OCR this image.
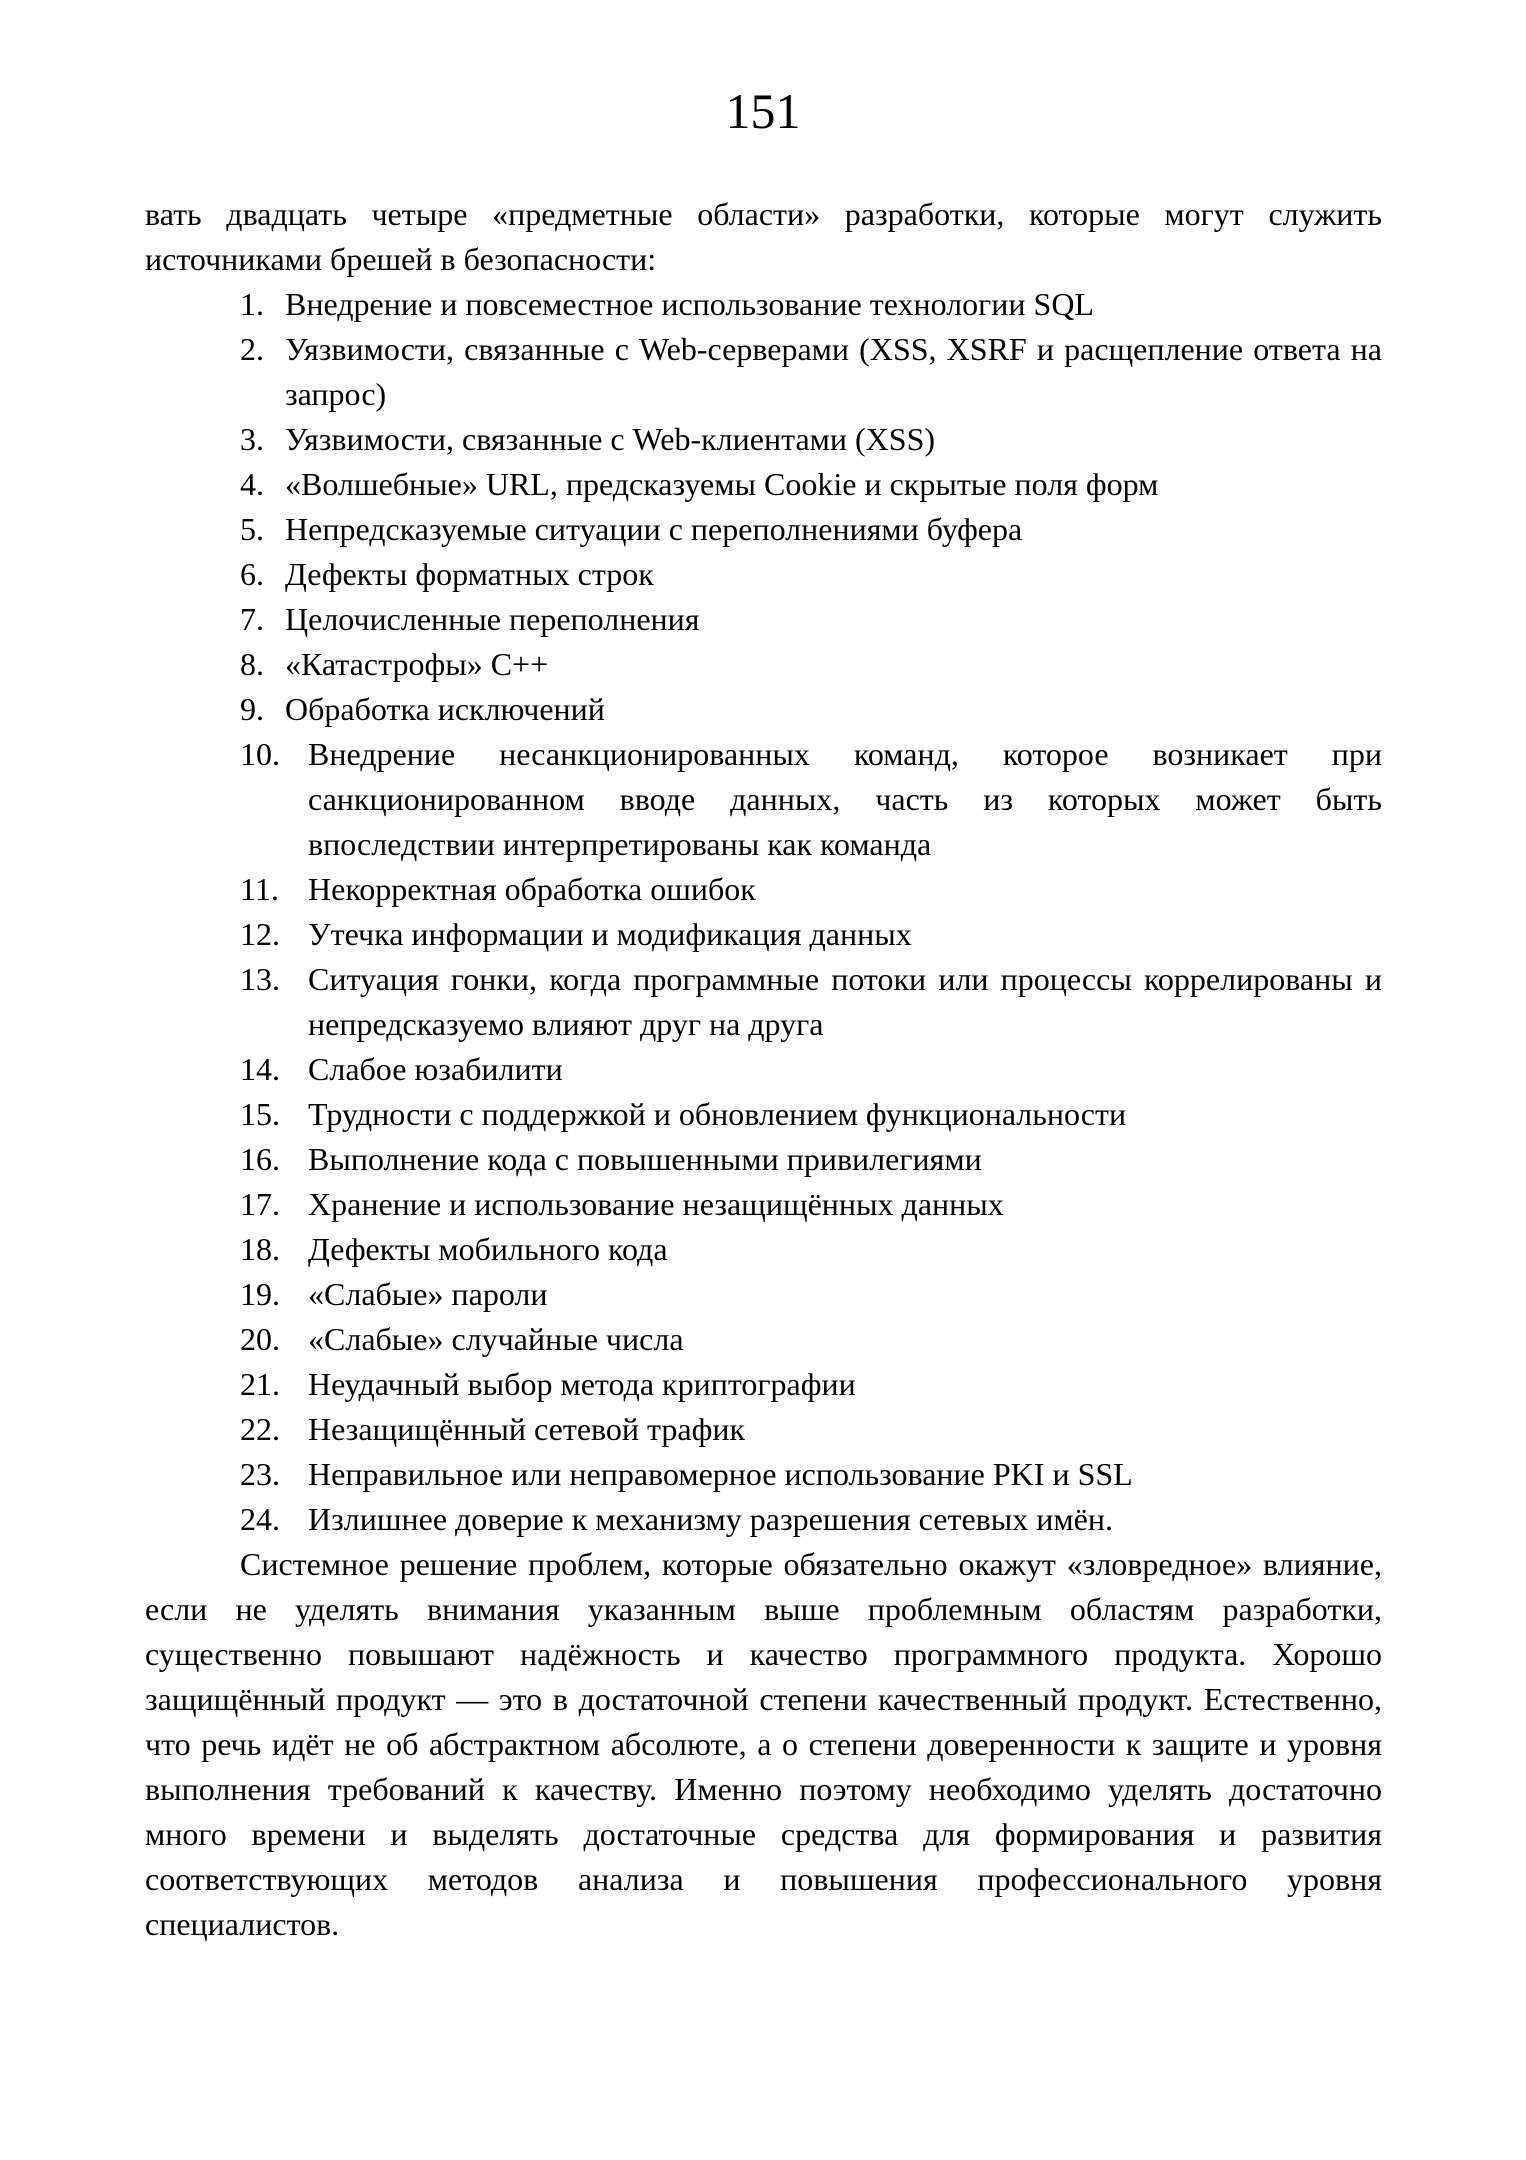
151

вать двадцать четыре «предметные области» разработки, которые могут служить источниками брешей в безопасности:

1. Внедрение и повсеместное использование технологии SQL
2. Уязвимости, связанные с Web-серверами (XSS, XSRF и расщепление ответа на запрос)
3. Уязвимости, связанные с Web-клиентами (XSS)
4. «Волшебные» URL, предсказуемы Cookie и скрытые поля форм
5. Непредсказуемые ситуации с переполнениями буфера
6. Дефекты форматных строк
7. Целочисленные переполнения
8. «Катастрофы» C++
9. Обработка исключений
10. Внедрение несанкционированных команд, которое возникает при санкционированном вводе данных, часть из которых может быть впоследствии интерпретированы как команда
11. Некорректная обработка ошибок
12. Утечка информации и модификация данных
13. Ситуация гонки, когда программные потоки или процессы коррелированы и непредсказуемо влияют друг на друга
14. Слабое юзабилити
15. Трудности с поддержкой и обновлением функциональности
16. Выполнение кода с повышенными привилегиями
17. Хранение и использование незащищённых данных
18. Дефекты мобильного кода
19. «Слабые» пароли
20. «Слабые» случайные числа
21. Неудачный выбор метода криптографии
22. Незащищённый сетевой трафик
23. Неправильное или неправомерное использование PKI и SSL
24. Излишнее доверие к механизму разрешения сетевых имён.

Системное решение проблем, которые обязательно окажут «зловредное» влияние, если не уделять внимания указанным выше проблемным областям разработки, существенно повышают надёжность и качество программного продукта. Хорошо защищённый продукт — это в достаточной степени качественный продукт. Естественно, что речь идёт не об абстрактном абсолюте, а о степени доверенности к защите и уровня выполнения требований к качеству. Именно поэтому необходимо уделять достаточно много времени и выделять достаточные средства для формирования и развития соответствующих методов анализа и повышения профессионального уровня специалистов.
